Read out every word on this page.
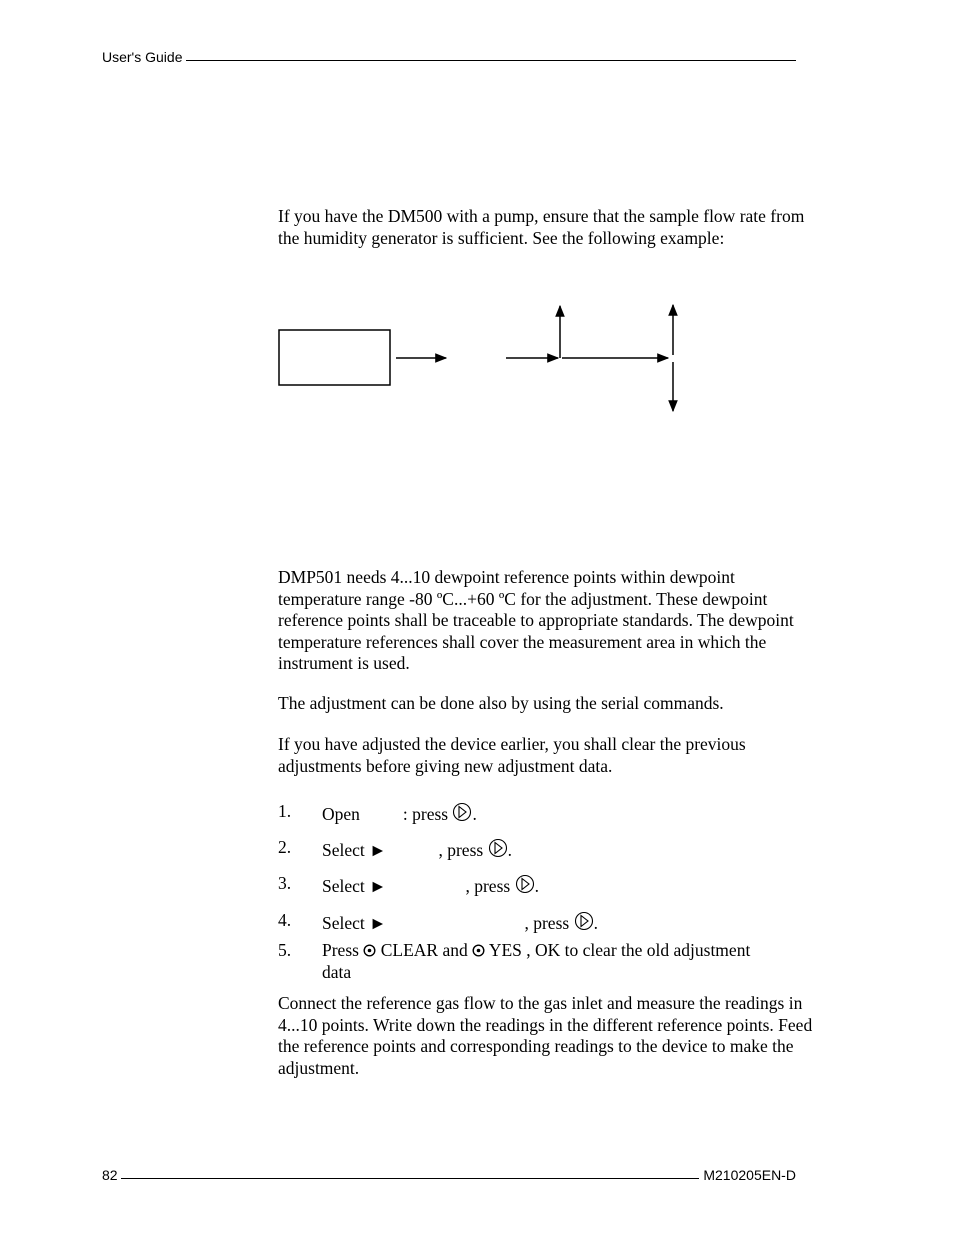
User's Guide

If you have the DM500 with a pump, ensure that the sample flow rate from the humidity generator is sufficient. See the following example:

DMP501 needs 4...10 dewpoint reference points within dewpoint temperature range -80 ºC...+60 ºC for the adjustment. These dewpoint reference points shall be traceable to appropriate standards. The dewpoint temperature references shall cover the measurement area in which the instrument is used.

The adjustment can be done also by using the serial commands.

If you have adjusted the device earlier, you shall clear the previous adjustments before giving new adjustment data.

1. Open : press .
2. Select ►	, press .
3. Select ►	, press .
4. Select ►	, press .
5. Press CLEAR and YES , OK to clear the old adjustment
data

Connect the reference gas flow to the gas inlet and measure the readings in 4...10 points. Write down the readings in the different reference points. Feed the reference points and corresponding readings to the device to make the adjustment.

82	M210205EN-D
